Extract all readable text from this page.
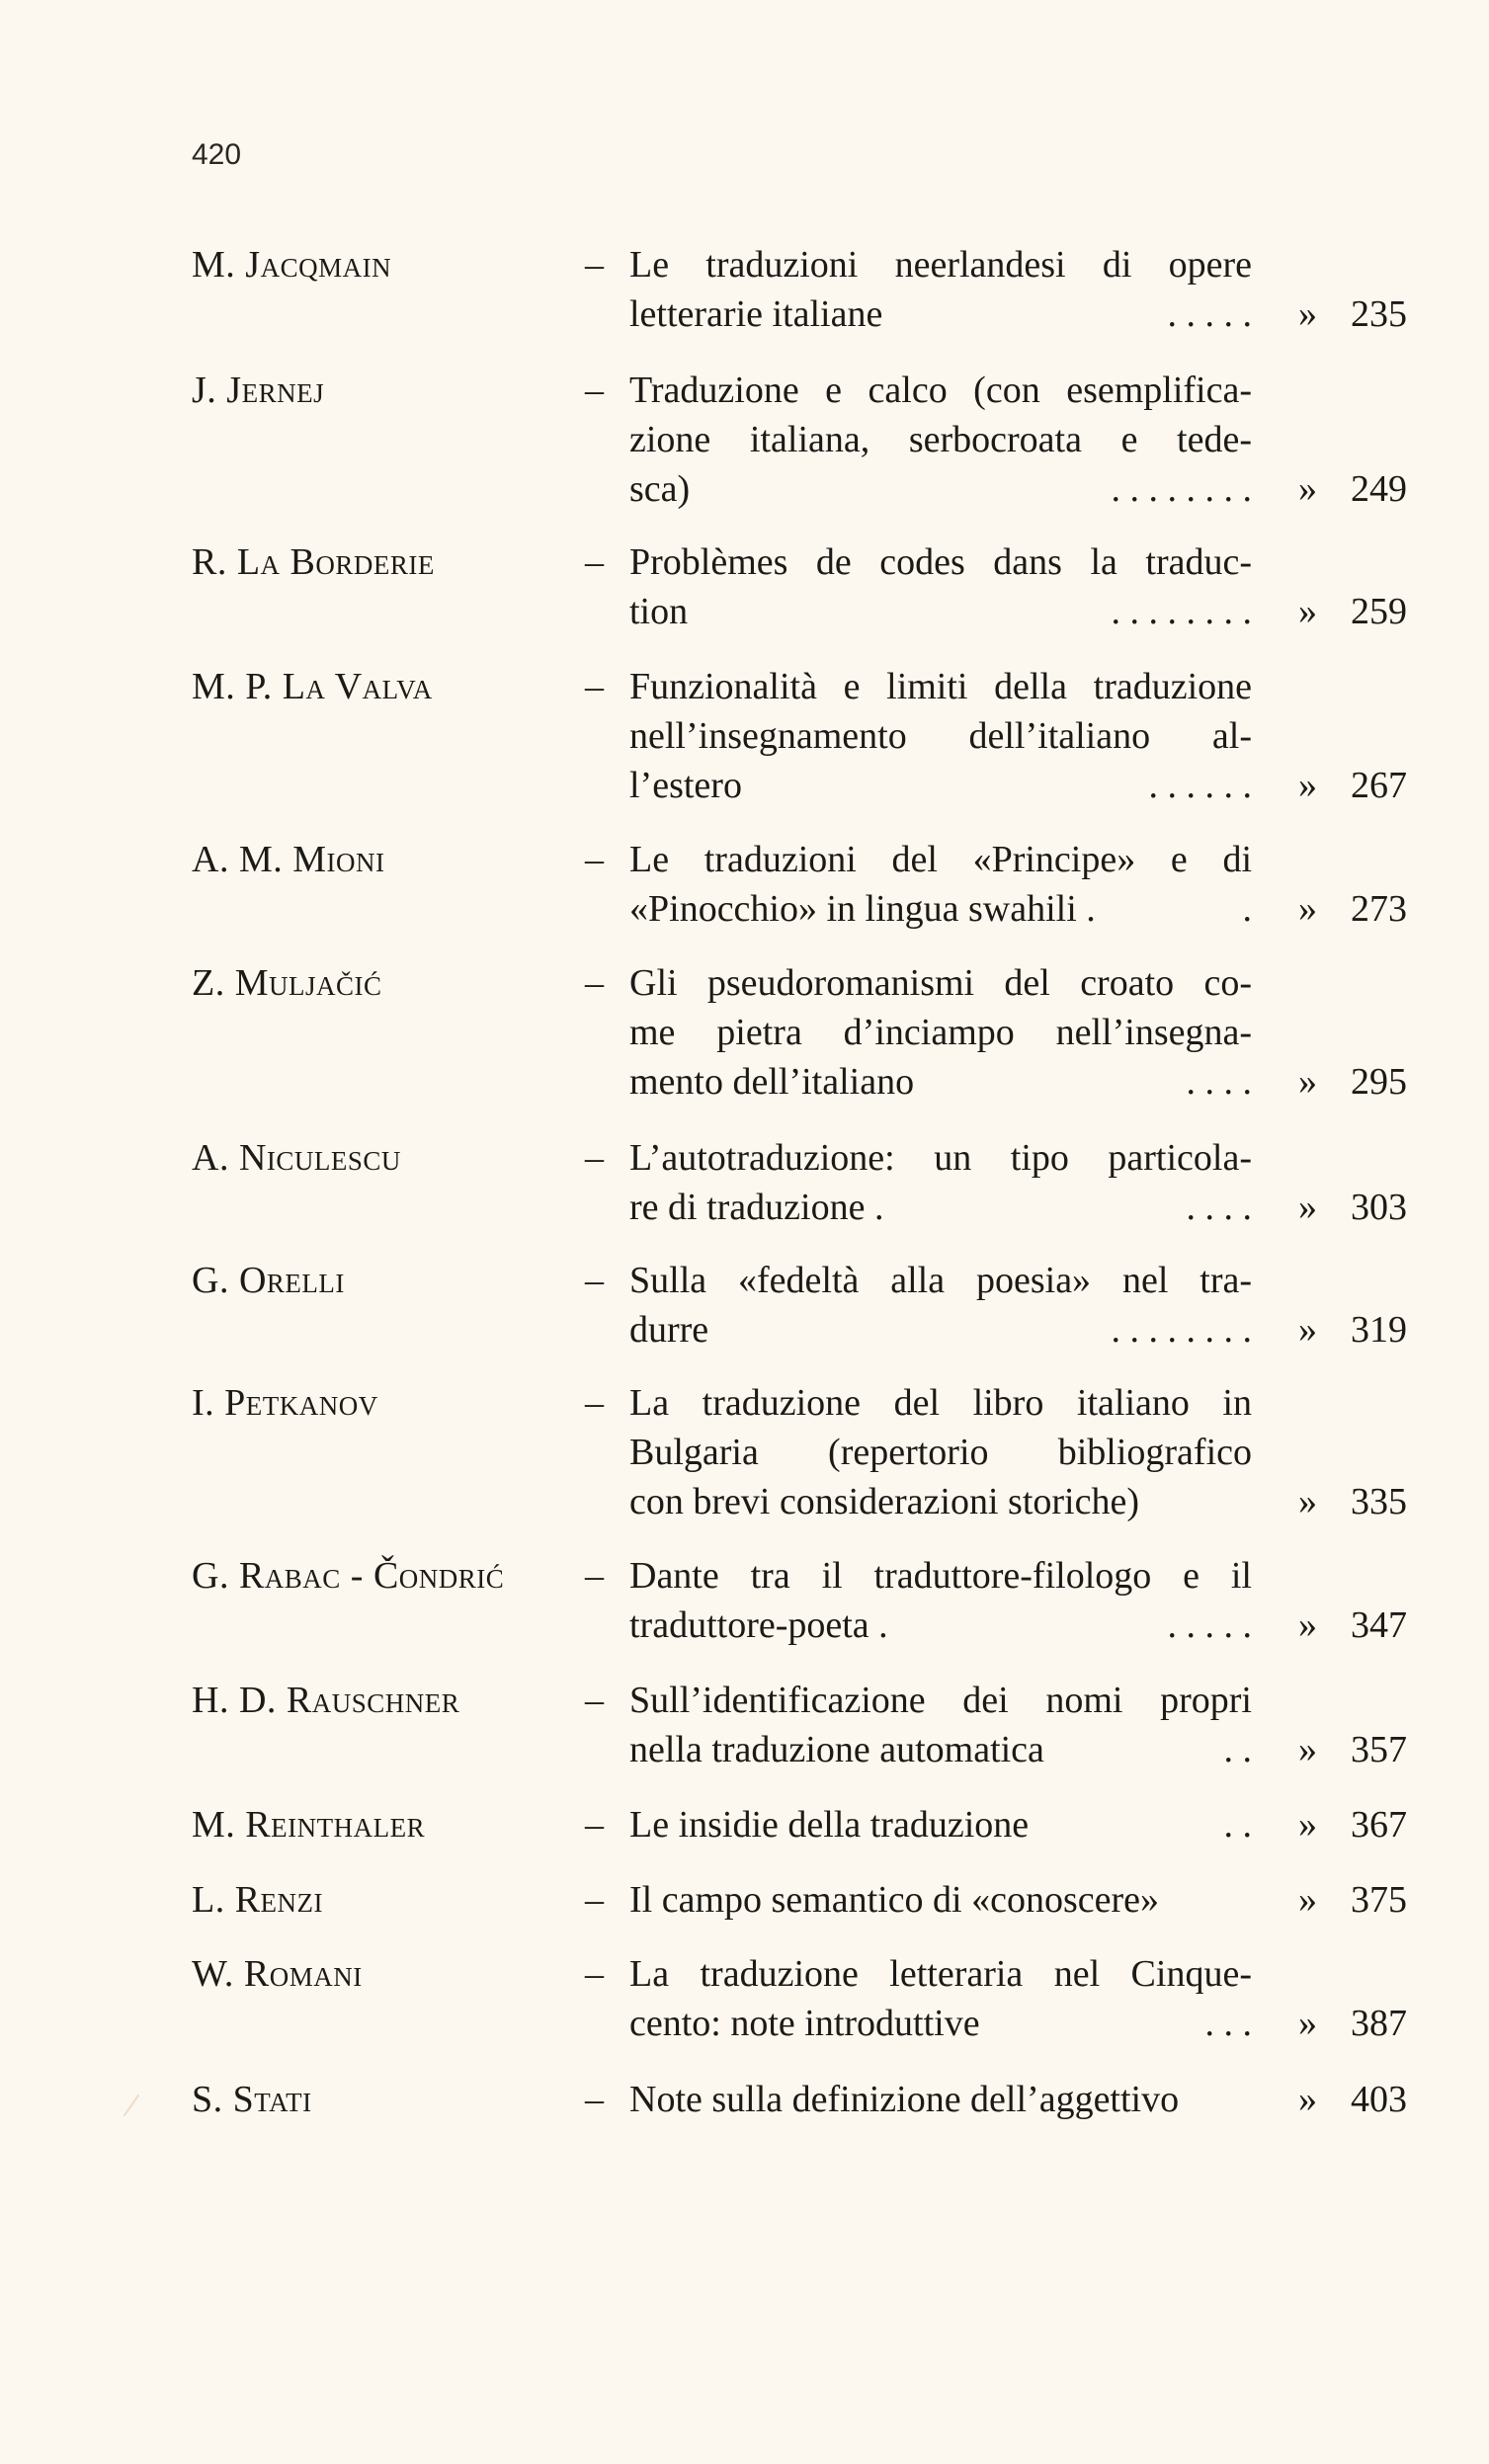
420
M. Jacqmain	– Le traduzioni neerlandesi di opere
letterarie italiane	. . . . . » 235
J. Jernej	– Traduzione e calco (con esemplifica-
zione italiana, serbocroata e tede-
sca)	. . . . . . . . » 249
R. La Borderie	– Problèmes de codes dans la traduc-
tion	. . . . . . . . » 259
M. P. La Valva	– Funzionalità e limiti della traduzione
nell’insegnamento dell’italiano al-
l’estero	. . . . . . » 267
A. M. Mioni	– Le traduzioni del «Principe» e di
«Pinocchio» in lingua swahili .	. » 273
Z. Muljačić	– Gli pseudoromanismi del croato co-
me pietra d’inciampo nell’insegna-
mento dell’italiano	. . . . » 295
A. Niculescu	– L’autotraduzione: un tipo particola-
re di traduzione .	. . . . » 303
G. Orelli	– Sulla «fedeltà alla poesia» nel tra-
durre	. . . . . . . . » 319
I. Petkanov	– La traduzione del libro italiano in
Bulgaria (repertorio bibliografico
con brevi considerazioni storiche)	» 335
G. Rabac - Čondrić – Dante tra il traduttore-filologo e il
traduttore-poeta .	. . . . . » 347
H. D. Rauschner	– Sull’identificazione dei nomi propri
nella traduzione automatica	. . » 357
M. Reinthaler	– Le insidie della traduzione	. . » 367
L. Renzi	– Il campo semantico di «conoscere»	» 375
W. Romani	– La traduzione letteraria nel Cinque-
cento: note introduttive	. . . » 387
S. Stati	– Note sulla definizione dell’aggettivo	» 403
